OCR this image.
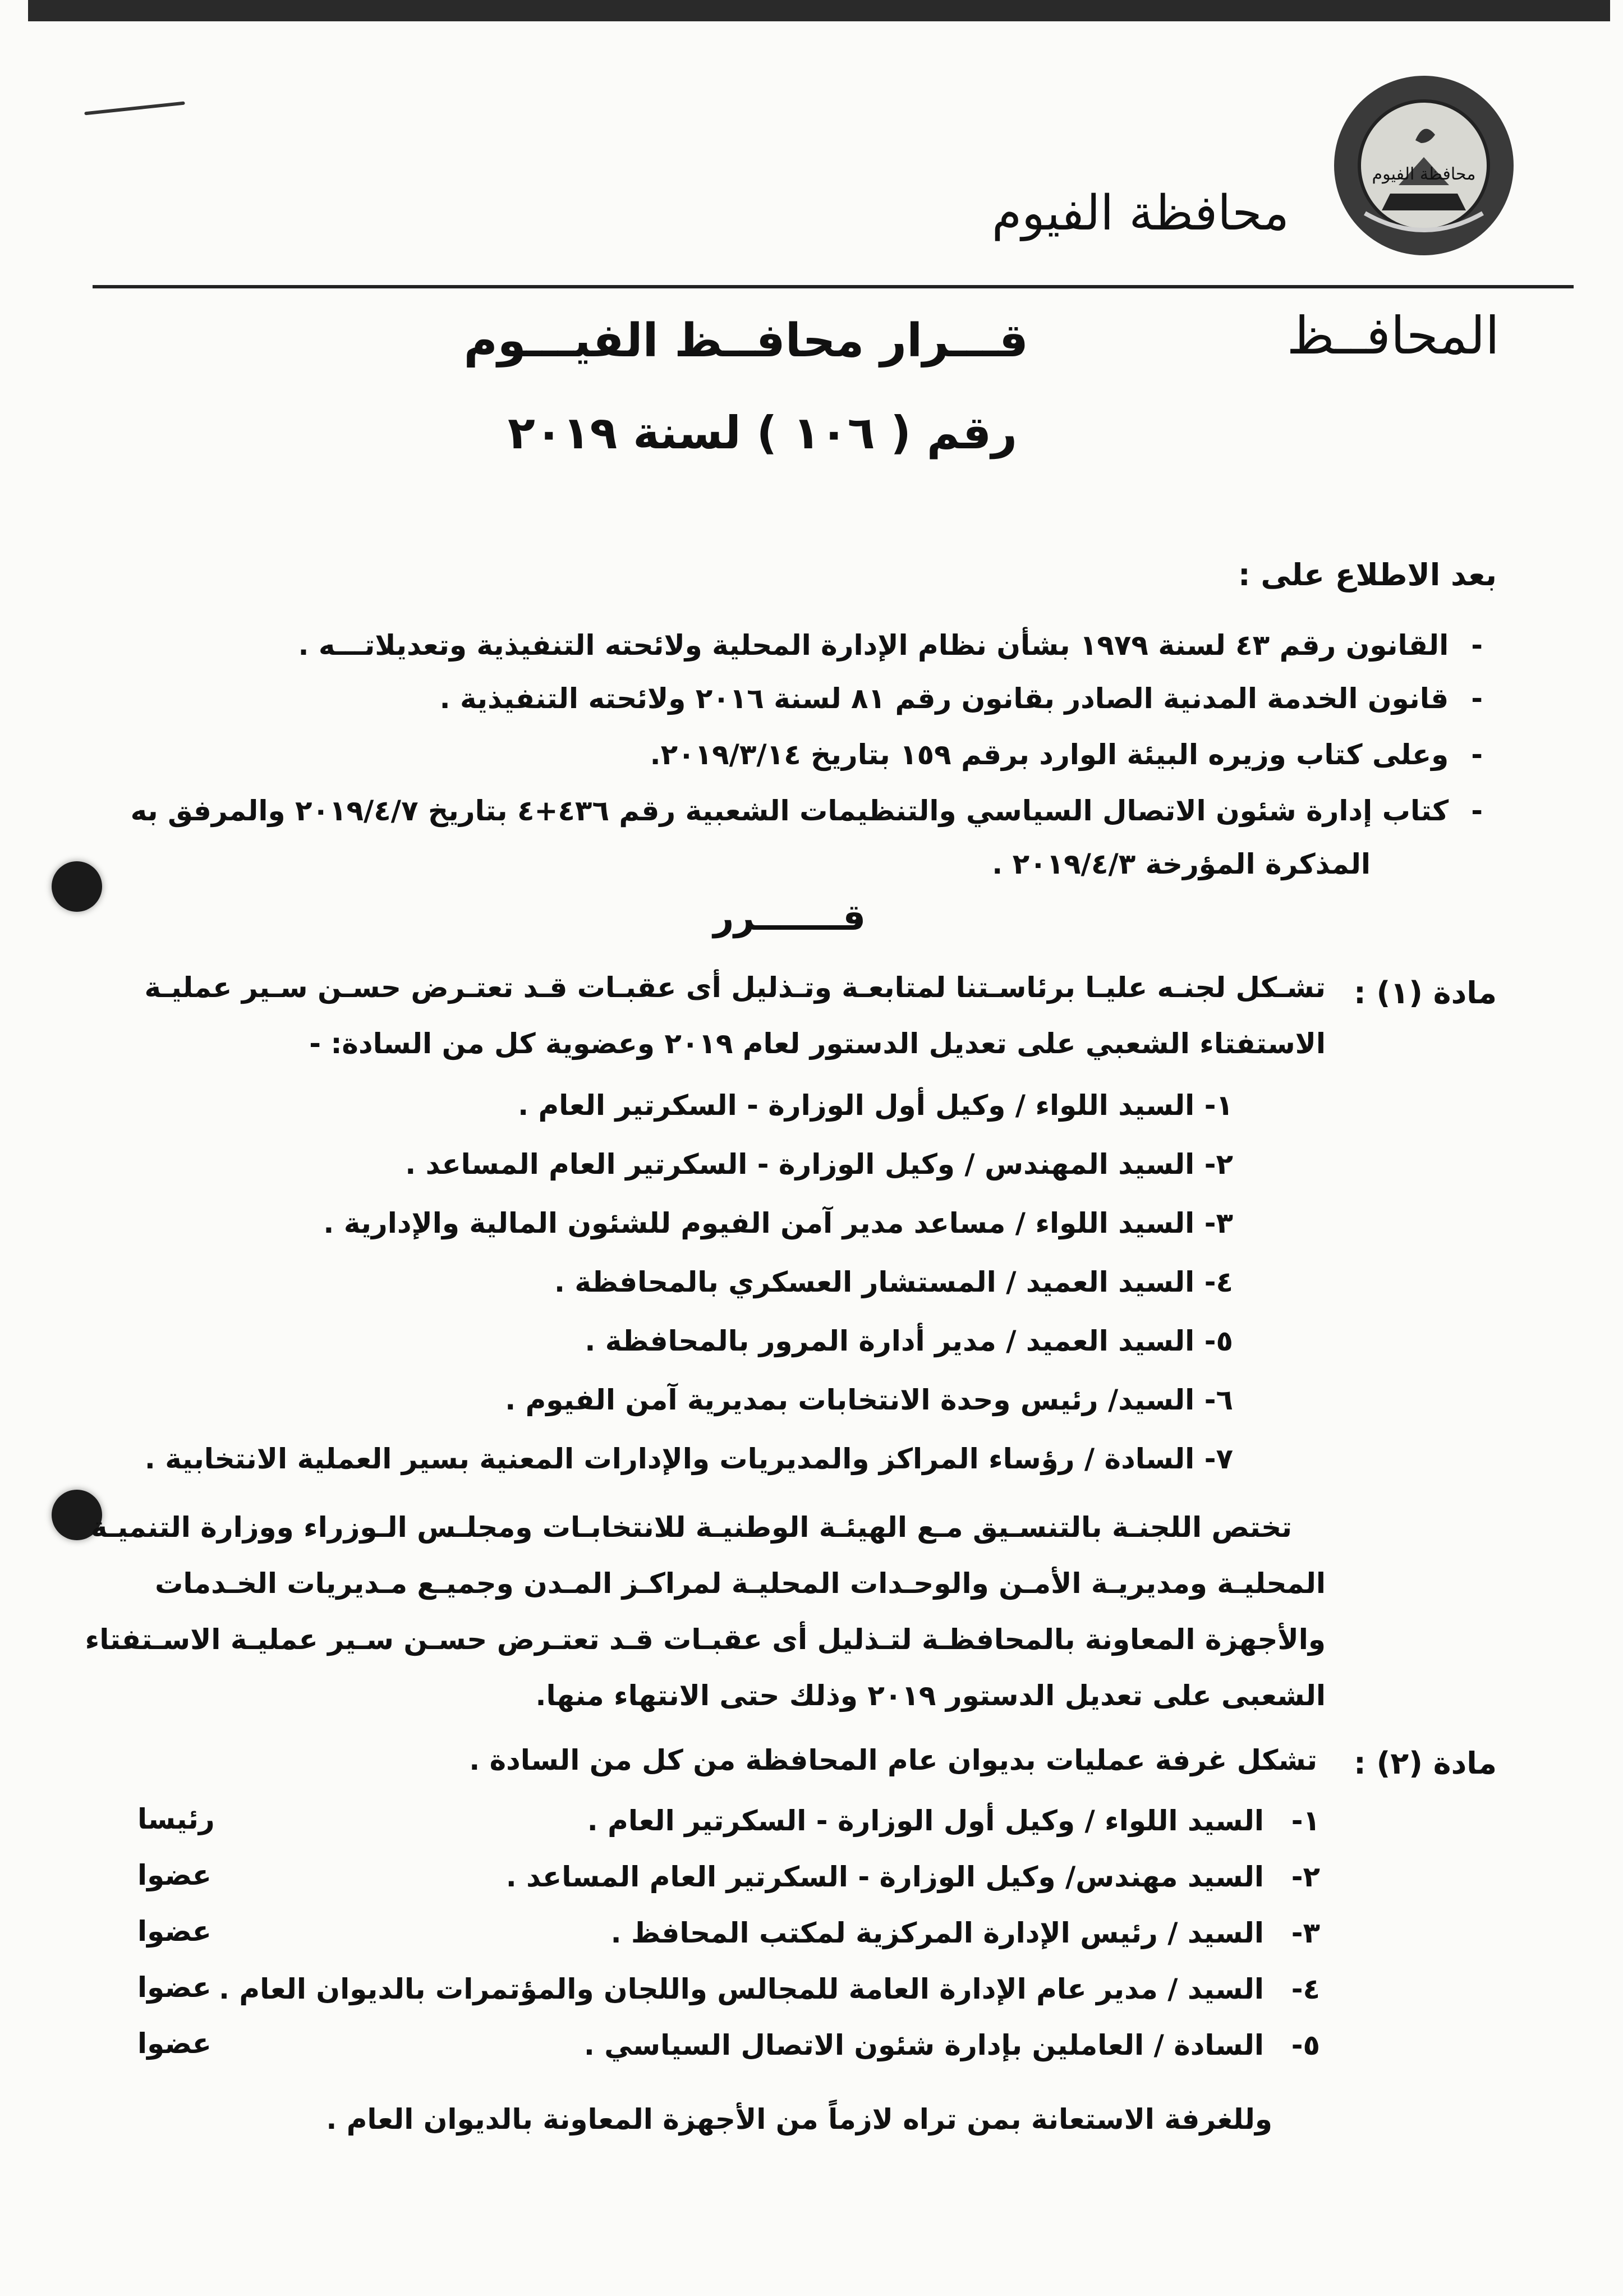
محافظة الفيوم
محافظة الفيوم
المحافــظ
قـــرار محافــظ الفيـــوم
رقم ( ١٠٦ ) لسنة ٢٠١٩
بعد الاطلاع على :
-القانون رقم ٤٣ لسنة ١٩٧٩ بشأن نظام الإدارة المحلية ولائحته التنفيذية وتعديلاتـــه .
-قانون الخدمة المدنية الصادر بقانون رقم ٨١ لسنة ٢٠١٦ ولائحته التنفيذية .
-وعلى كتاب وزيره البيئة الوارد برقم ١٥٩ بتاريخ ٢٠١٩/٣/١٤.
-كتاب إدارة شئون الاتصال السياسي والتنظيمات الشعبية رقم ٤٣٦+٤ بتاريخ ٢٠١٩/٤/٧ والمرفق به
المذكرة المؤرخة ٢٠١٩/٤/٣ .
قـــــــرر
مادة (١) :
تشـكل لجنـه عليـا برئاسـتنا لمتابعـة وتـذليل أى عقبـات قـد تعتـرض حسـن سـير عمليـة
الاستفتاء الشعبي على تعديل الدستور لعام ٢٠١٩ وعضوية كل من السادة: -
١- السيد اللواء / وكيل أول الوزارة - السكرتير العام .
٢- السيد المهندس / وكيل الوزارة - السكرتير العام المساعد .
٣- السيد اللواء / مساعد مدير آمن الفيوم للشئون المالية والإدارية .
٤- السيد العميد / المستشار العسكري بالمحافظة .
٥- السيد العميد / مدير أدارة المرور بالمحافظة .
٦- السيد/ رئيس وحدة الانتخابات بمديرية آمن الفيوم .
٧- السادة / رؤساء المراكز والمديريات والإدارات المعنية بسير العملية الانتخابية .
تختص اللجنـة بالتنسـيق مـع الهيئـة الوطنيـة للانتخابـات ومجلـس الـوزراء ووزارة التنميـة
المحليـة ومديريـة الأمـن والوحـدات المحليـة لمراكـز المـدن وجميـع مـديريات الخـدمات
والأجهزة المعاونة بالمحافظـة لتـذليل أى عقبـات قـد تعتـرض حسـن سـير عمليـة الاسـتفتاء
الشعبى على تعديل الدستور ٢٠١٩ وذلك حتى الانتهاء منها.
مادة (٢) :
تشكل غرفة عمليات بديوان عام المحافظة من كل من السادة .
١-
السيد اللواء / وكيل أول الوزارة - السكرتير العام .
رئيسا
٢-
السيد مهندس/ وكيل الوزارة - السكرتير العام المساعد .
عضوا
٣-
السيد / رئيس الإدارة المركزية لمكتب المحافظ .
عضوا
٤-
السيد / مدير عام الإدارة العامة للمجالس واللجان والمؤتمرات بالديوان العام .
عضوا
٥-
السادة / العاملين بإدارة شئون الاتصال السياسي .
عضوا
وللغرفة الاستعانة بمن تراه لازماً من الأجهزة المعاونة بالديوان العام .
